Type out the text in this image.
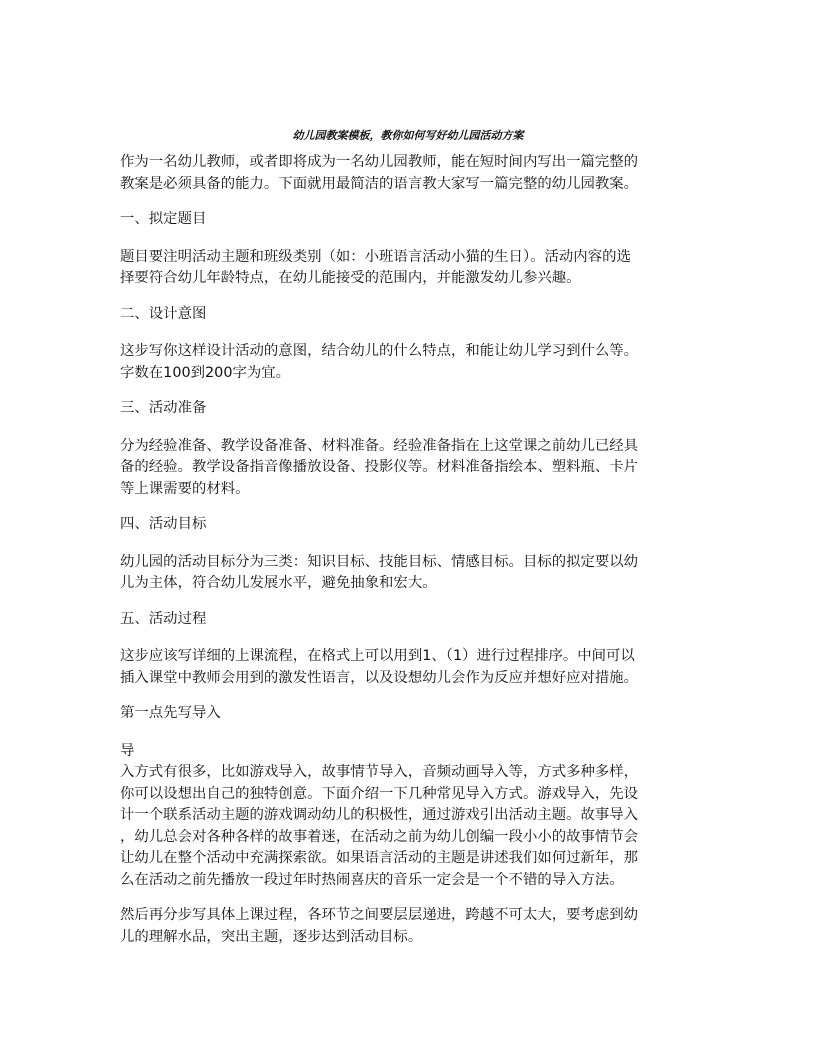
幼儿园教案模板，教你如何写好幼儿园活动方案
作为一名幼儿教师，或者即将成为一名幼儿园教师，能在短时间内写出一篇完整的
教案是必须具备的能力。下面就用最简洁的语言教大家写一篇完整的幼儿园教案。
一、拟定题目
题目要注明活动主题和班级类别（如：小班语言活动小猫的生日）。活动内容的选
择要符合幼儿年龄特点，在幼儿能接受的范围内，并能激发幼儿参兴趣。
二、设计意图
这步写你这样设计活动的意图，结合幼儿的什么特点，和能让幼儿学习到什么等。
字数在100到200字为宜。
三、活动准备
分为经验准备、教学设备准备、材料准备。经验准备指在上这堂课之前幼儿已经具
备的经验。教学设备指音像播放设备、投影仪等。材料准备指绘本、塑料瓶、卡片
等上课需要的材料。
四、活动目标
幼儿园的活动目标分为三类：知识目标、技能目标、情感目标。目标的拟定要以幼
儿为主体，符合幼儿发展水平，避免抽象和宏大。
五、活动过程
这步应该写详细的上课流程，在格式上可以用到1、（1）进行过程排序。中间可以
插入课堂中教师会用到的激发性语言，以及设想幼儿会作为反应并想好应对措施。
第一点先写导入
导
入方式有很多，比如游戏导入，故事情节导入，音频动画导入等，方式多种多样，
你可以设想出自己的独特创意。下面介绍一下几种常见导入方式。游戏导入，先设
计一个联系活动主题的游戏调动幼儿的积极性，通过游戏引出活动主题。故事导入
，幼儿总会对各种各样的故事着迷，在活动之前为幼儿创编一段小小的故事情节会
让幼儿在整个活动中充满探索欲。如果语言活动的主题是讲述我们如何过新年，那
么在活动之前先播放一段过年时热闹喜庆的音乐一定会是一个不错的导入方法。
然后再分步写具体上课过程，各环节之间要层层递进，跨越不可太大，要考虑到幼
儿的理解水品，突出主题，逐步达到活动目标。
